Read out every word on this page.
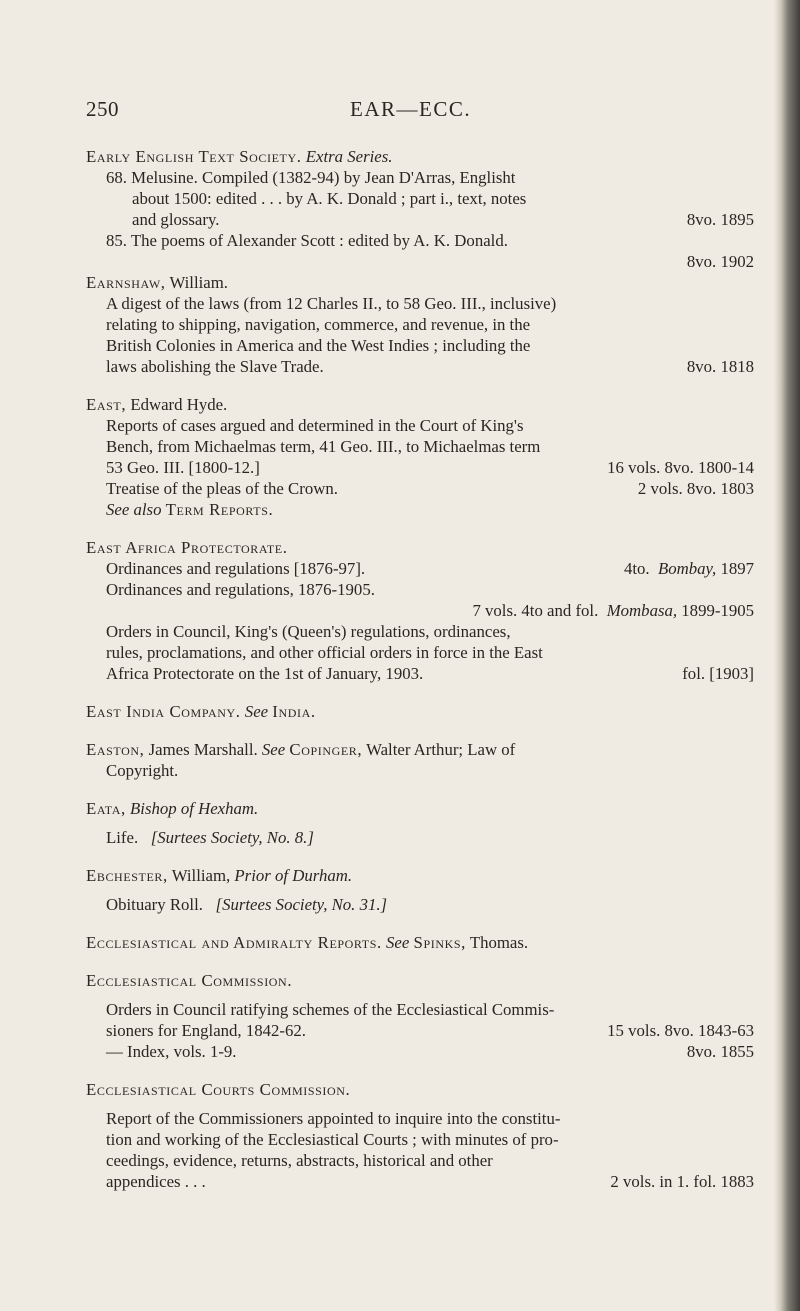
250	EAR—ECC.
Early English Text Society. Extra Series.
68. Melusine. Compiled (1382-94) by Jean D'Arras, Englisht
about 1500: edited . . . by A. K. Donald ; part i., text, notes
and glossary.	8vo. 1895
85. The poems of Alexander Scott : edited by A. K. Donald.
8vo. 1902
Earnshaw, William.
A digest of the laws (from 12 Charles II., to 58 Geo. III., inclusive)
relating to shipping, navigation, commerce, and revenue, in the
British Colonies in America and the West Indies ; including the
laws abolishing the Slave Trade.	8vo. 1818
East, Edward Hyde.
Reports of cases argued and determined in the Court of King's
Bench, from Michaelmas term, 41 Geo. III., to Michaelmas term
53 Geo. III. [1800-12.]	16 vols. 8vo. 1800-14
Treatise of the pleas of the Crown.	2 vols. 8vo. 1803
See also Term Reports.
East Africa Protectorate.
Ordinances and regulations [1876-97].	4to. Bombay, 1897
Ordinances and regulations, 1876-1905.
7 vols. 4to and fol. Mombasa, 1899-1905
Orders in Council, King's (Queen's) regulations, ordinances,
rules, proclamations, and other official orders in force in the East
Africa Protectorate on the 1st of January, 1903.	fol. [1903]
East India Company. See India.
Easton, James Marshall. See Copinger, Walter Arthur; Law of
Copyright.
Eata, Bishop of Hexham.
Life. [Surtees Society, No. 8.]
Ebchester, William, Prior of Durham.
Obituary Roll. [Surtees Society, No. 31.]
Ecclesiastical and Admiralty Reports. See Spinks, Thomas.
Ecclesiastical Commission.
Orders in Council ratifying schemes of the Ecclesiastical Commis-
sioners for England, 1842-62.	15 vols. 8vo. 1843-63
— Index, vols. 1-9.	8vo. 1855
Ecclesiastical Courts Commission.
Report of the Commissioners appointed to inquire into the constitu-
tion and working of the Ecclesiastical Courts ; with minutes of pro-
ceedings, evidence, returns, abstracts, historical and other
appendices . . .	2 vols. in 1. fol. 1883
